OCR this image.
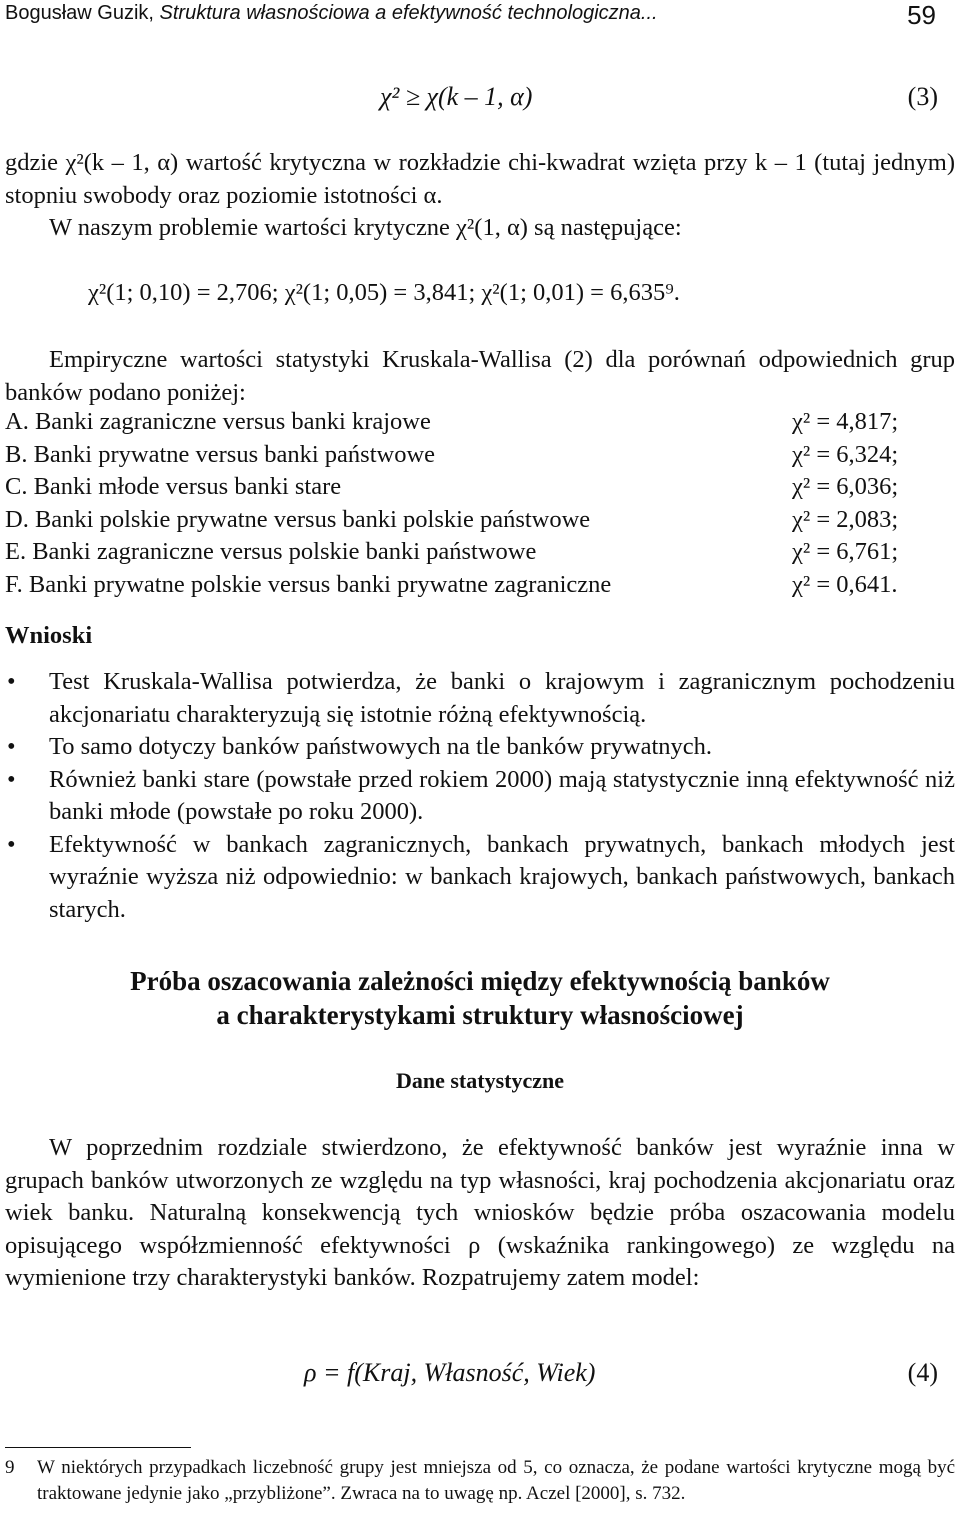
Bogusław Guzik, Struktura własnościowa a efektywność technologiczna...	59
χ² ≥ χ(k – 1, α)	(3)
gdzie χ²(k – 1, α) wartość krytyczna w rozkładzie chi-kwadrat wzięta przy k – 1 (tutaj jednym) stopniu swobody oraz poziomie istotności α.
W naszym problemie wartości krytyczne χ²(1, α) są następujące:
χ²(1; 0,10) = 2,706; χ²(1; 0,05) = 3,841; χ²(1; 0,01) = 6,635⁹.
Empiryczne wartości statystyki Kruskala-Wallisa (2) dla porównań odpowiednich grup banków podano poniżej:
A. Banki zagraniczne versus banki krajowe	χ² = 4,817;
B. Banki prywatne versus banki państwowe	χ² = 6,324;
C. Banki młode versus banki stare	χ² = 6,036;
D. Banki polskie prywatne versus banki polskie państwowe	χ² = 2,083;
E. Banki zagraniczne versus polskie banki państwowe	χ² = 6,761;
F. Banki prywatne polskie versus banki prywatne zagraniczne	χ² = 0,641.
Wnioski
•	Test Kruskala-Wallisa potwierdza, że banki o krajowym i zagranicznym pochodzeniu akcjonariatu charakteryzują się istotnie różną efektywnością.
•	To samo dotyczy banków państwowych na tle banków prywatnych.
•	Również banki stare (powstałe przed rokiem 2000) mają statystycznie inną efektywność niż banki młode (powstałe po roku 2000).
•	Efektywność w bankach zagranicznych, bankach prywatnych, bankach młodych jest wyraźnie wyższa niż odpowiednio: w bankach krajowych, bankach państwowych, bankach starych.
Próba oszacowania zależności między efektywnością banków
a charakterystykami struktury własnościowej
Dane statystyczne
W poprzednim rozdziale stwierdzono, że efektywność banków jest wyraźnie inna w grupach banków utworzonych ze względu na typ własności, kraj pochodzenia akcjonariatu oraz wiek banku. Naturalną konsekwencją tych wniosków będzie próba oszacowania modelu opisującego współzmienność efektywności ρ (wskaźnika rankingowego) ze względu na wymienione trzy charakterystyki banków. Rozpatrujemy zatem model:
ρ = f(Kraj, Własność, Wiek)	(4)
9	W niektórych przypadkach liczebność grupy jest mniejsza od 5, co oznacza, że podane wartości krytyczne mogą być traktowane jedynie jako „przybliżone”. Zwraca na to uwagę np. Aczel [2000], s. 732.
